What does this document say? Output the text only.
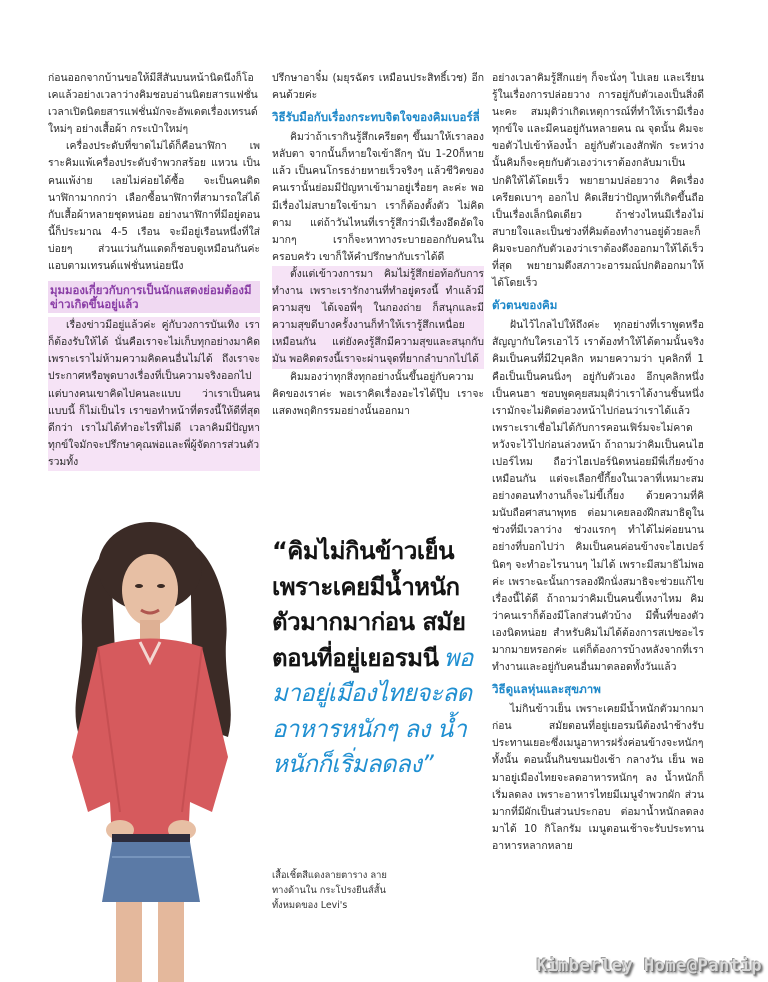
ก่อนออกจากบ้านขอให้มีสีสันบนหน้านิดนึงก็โอเคแล้วอย่างเวลาว่างคิมชอบอ่านนิตยสารแฟชั่น เวลาเปิดนิตยสารแฟชั่นมักจะอัพเดตเรื่องเทรนด์ใหม่ๆ อย่างเสื้อผ้า กระเป๋าใหม่ๆ

เครื่องประดับที่ขาดไม่ได้ก็คือนาฬิกา เพราะคิมแพ้เครื่องประดับจำพวกสร้อย แหวน เป็นคนแพ้ง่าย เลยไม่ค่อยได้ซื้อ จะเป็นคนติดนาฬิกามากกว่า เลือกซื้อนาฬิกาที่สามารถใส่ได้กับเสื้อผ้าหลายชุดหน่อย อย่างนาฬิกาที่มีอยู่ตอนนี้ก็ประมาณ 4-5 เรือน จะมีอยู่เรือนหนึ่งที่ใส่บ่อยๆ ส่วนแว่นกันแดดก็ชอบดูเหมือนกันค่ะ แอบตามเทรนด์แฟชั่นหน่อยนึง

มุมมองเกี่ยวกับการเป็นนักแสดงย่อมต้องมีข่าวเกิดขึ้นอยู่แล้ว

เรื่องข่าวมีอยู่แล้วค่ะ คู่กับวงการบันเทิง เราก็ต้องรับให้ได้ นั่นคือเราจะไม่เก็บทุกอย่างมาคิด เพราะเราไม่ห้ามความคิดคนอื่นไม่ได้ ถึงเราจะประกาศหรือพูดบางเรื่องที่เป็นความจริงออกไป แต่บางคนเขาคิดไปคนละแบบ ว่าเราเป็นคนแบบนี้ ก็ไม่เป็นไร เราขอทำหน้าที่ตรงนี้ให้ดีที่สุดดีกว่า เราไม่ได้ทำอะไรที่ไม่ดี เวลาคิมมีปัญหาทุกข์ใจมักจะปรึกษาคุณพ่อและพี่ผู้จัดการส่วนตัว รวมทั้ง

ปรึกษาอาจิ๋ม (มยุรฉัตร เหมือนประสิทธิ์เวช) อีกคนด้วยค่ะ

วิธีรับมือกับเรื่องกระทบจิตใจของคิมเบอร์ลี่

คิมว่าถ้าเรากินรู้สึกเครียดๆ ขึ้นมาให้เราลองหลับตา จากนั้นก็หายใจเข้าลึกๆ นับ 1-20ก็หายแล้ว เป็นคนโกรธง่ายหายเร็วจริงๆ แล้วชีวิตของคนเรานั้นย่อมมีปัญหาเข้ามาอยู่เรื่อยๆ ละค่ะ พอมีเรื่องไม่สบายใจเข้ามา เราก็ต้องตั้งตัว ไม่คิดตาม แต่ถ้าวันไหนที่เรารู้สึกว่ามีเรื่องอึดอัดใจมากๆ เราก็จะหาทางระบายออกกับคนในครอบครัว เขาก็ให้คำปรึกษากับเราได้ดี

ตั้งแต่เข้าวงการมา คิมไม่รู้สึกย่อท้อกับการทำงาน เพราะเรารักงานที่ทำอยู่ตรงนี้ ทำแล้วมีความสุข ได้เจอพี่ๆ ในกองถ่าย ก็สนุกและมีความสุขดีบางครั้งงานก็ทำให้เรารู้สึกเหนื่อยเหมือนกัน แต่ยังคงรู้สึกมีความสุขและสนุกกับมัน พอคิดตรงนี้เราจะผ่านจุดที่ยากลำบากไปได้

คิมมองว่าทุกสิ่งทุกอย่างนั้นขึ้นอยู่กับความคิดของเราค่ะ พอเราคิดเรื่องอะไรได้ปุ๊บ เราจะแสดงพฤติกรรมอย่างนั้นออกมา

อย่างเวลาคิมรู้สึกแย่ๆ ก็จะนั่งๆ ไปเลย และเรียนรู้ในเรื่องการปล่อยวาง การอยู่กับตัวเองเป็นสิ่งดีนะคะ สมมุติว่าเกิดเหตุการณ์ที่ทำให้เรามีเรื่องทุกข์ใจ และมีคนอยู่กันหลายคน ณ จุดนั้น คิมจะขอตัวไปเข้าห้องน้ำ อยู่กับตัวเองสักพัก ระหว่างนั้นคิมก็จะคุยกับตัวเองว่าเราต้องกลับมาเป็นปกติให้ได้โดยเร็ว พยายามปล่อยวาง คิดเรื่องเครียดเบาๆ ออกไป คิดเสียว่าปัญหาที่เกิดขึ้นถือเป็นเรื่องเล็กนิดเดียว ถ้าช่วงไหนมีเรื่องไม่สบายใจและเป็นช่วงที่คิมต้องทำงานอยู่ด้วยละก็ คิมจะบอกกับตัวเองว่าเราต้องดึงออกมาให้ได้เร็วที่สุด พยายามดึงสภาวะอารมณ์ปกติออกมาให้ได้โดยเร็ว

ตัวตนของคิม

ฝันไว้ไกลไปให้ถึงค่ะ ทุกอย่างที่เราพูดหรือสัญญากับใครเอาไว้ เราต้องทำให้ได้ตามนั้นจริง คิมเป็นคนที่มี2บุคลิก หมายความว่า บุคลิกที่ 1 คือเป็นเป็นคนนิ่งๆ อยู่กับตัวเอง อีกบุคลิกหนึ่งเป็นคนฮา ชอบพูดคุยสมมุติว่าเราได้งานชิ้นหนึ่ง เรามักจะไม่ติดต่อวงหน้าไปก่อนว่าเราได้แล้ว เพราะเราเชื่อไม่ได้กับการคอนเฟิร์มจะไม่คาดหวังจะไว้ไปก่อนล่วงหน้า ถ้าถามว่าคิมเป็นคนไฮเปอร์ไหม ถือว่าไฮเปอร์นิดหน่อยมีพี่เกี่ยงข้างเหมือนกัน แต่จะเลือกขึ้กี้ยงในเวลาที่เหมาะสม อย่างตอนทำงานก็จะไม่ขี้เกี้ยง ด้วยความที่คิมนับถือศาสนาพุทธ ต่อมาเคยลองฝึกสมาธิดูในช่วงที่มีเวลาว่าง ช่วงแรกๆ ทำได้ไม่ค่อยนาน อย่างที่บอกไปว่า คิมเป็นคนค่อนข้างจะไฮเปอร์นิดๆ จะทำอะไรนานๆ ไม่ได้ เพราะมีสมาธิไม่พอค่ะ เพราะฉะนั้นการลองฝึกนั่งสมาธิจะช่วยแก้ไขเรื่องนี้ได้ดี ถ้าถามว่าคิมเป็นคนขี้เหงาไหม คิมว่าคนเราก็ต้องมีโลกส่วนตัวบ้าง มีพื้นที่ของตัวเองนิดหน่อย สำหรับคิมไม่ได้ต้องการสเปซอะไรมากมายหรอกค่ะ แต่ก็ต้องการบ้างหลังจากที่เราทำงานและอยู่กับคนอื่นมาตลอดทั้งวันแล้ว

วิธีดูแลหุ่นและสุขภาพ

ไม่กินข้าวเย็น เพราะเคยมีน้ำหนักตัวมากมาก่อน สมัยตอนที่อยู่เยอรมนีต้องนำช้างรับประทานเยอะซึ่งเมนูอาหารฝรั่งค่อนข้างจะหนักๆ ทั้งนั้น ตอนนั้นกินขนมปังเช้า กลางวัน เย็น พอมาอยู่เมืองไทยจะลดอาหารหนักๆ ลง น้ำหนักก็เริ่มลดลง เพราะอาหารไทยมีเมนูจำพวกผัก ส่วนมากที่มีผักเป็นส่วนประกอบ ต่อมาน้ำหนักลดลงมาได้ 10 กิโลกรัม เมนูตอนเช้าจะรับประทานอาหารหลากหลาย

“คิมไม่กินข้าวเย็น เพราะเคยมีน้ำหนักตัวมากมาก่อน สมัยตอนที่อยู่เยอรมนี พอมาอยู่เมืองไทยจะลดอาหารหนักๆ ลง น้ำหนักก็เริ่มลดลง”
เสื้อเชิ้ตสีแดงลายตาราง ลายทางด้านใน กระโปรงยีนส์สั้น ทั้งหมดของ Levi's
Kimberley Home@Pantip
